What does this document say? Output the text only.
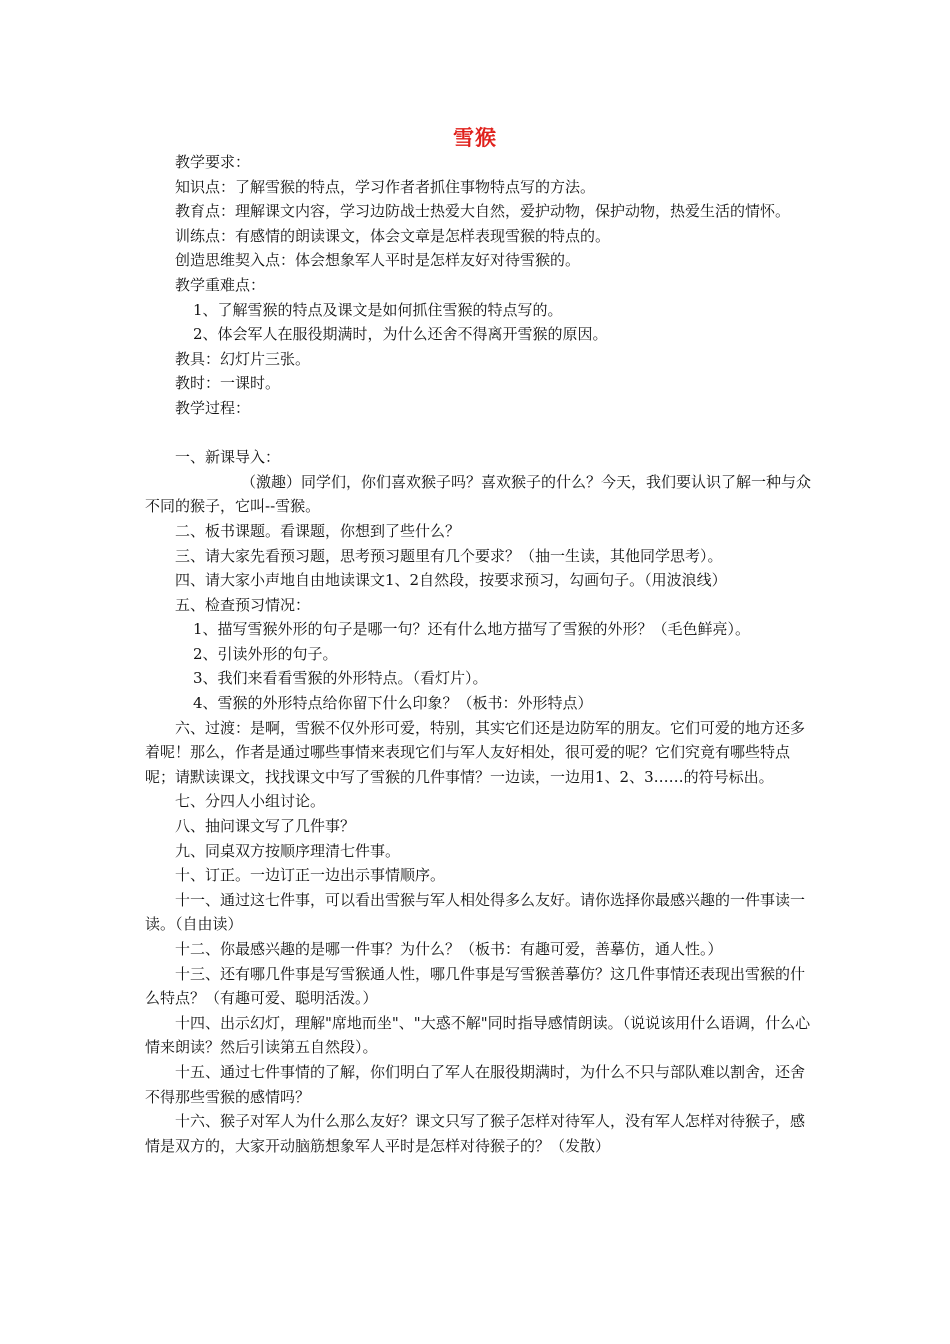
雪猴

教学要求：

知识点：了解雪猴的特点，学习作者者抓住事物特点写的方法。

教育点：理解课文内容，学习边防战士热爱大自然，爱护动物，保护动物，热爱生活的情怀。

训练点：有感情的朗读课文，体会文章是怎样表现雪猴的特点的。

创造思维契入点：体会想象军人平时是怎样友好对待雪猴的。

教学重难点：

1、了解雪猴的特点及课文是如何抓住雪猴的特点写的。

2、体会军人在服役期满时，为什么还舍不得离开雪猴的原因。

教具：幻灯片三张。

教时：一课时。

教学过程：

一、新课导入：

（激趣）同学们，你们喜欢猴子吗？喜欢猴子的什么？今天，我们要认识了解一种与众不同的猴子，它叫--雪猴。

二、板书课题。看课题，你想到了些什么？

三、请大家先看预习题，思考预习题里有几个要求？（抽一生读，其他同学思考）。

四、请大家小声地自由地读课文1、2自然段，按要求预习，勾画句子。（用波浪线）

五、检查预习情况：

1、描写雪猴外形的句子是哪一句？还有什么地方描写了雪猴的外形？（毛色鲜亮）。

2、引读外形的句子。

3、我们来看看雪猴的外形特点。（看灯片）。

4、雪猴的外形特点给你留下什么印象？（板书：外形特点）

六、过渡：是啊，雪猴不仅外形可爱，特别，其实它们还是边防军的朋友。它们可爱的地方还多着呢！那么，作者是通过哪些事情来表现它们与军人友好相处，很可爱的呢？它们究竟有哪些特点呢；请默读课文，找找课文中写了雪猴的几件事情？一边读，一边用1、2、3……的符号标出。

七、分四人小组讨论。

八、抽问课文写了几件事？

九、同桌双方按顺序理清七件事。

十、订正。一边订正一边出示事情顺序。

十一、通过这七件事，可以看出雪猴与军人相处得多么友好。请你选择你最感兴趣的一件事读一读。（自由读）

十二、你最感兴趣的是哪一件事？为什么？（板书：有趣可爱，善摹仿，通人性。）

十三、还有哪几件事是写雪猴通人性，哪几件事是写雪猴善摹仿？这几件事情还表现出雪猴的什么特点？（有趣可爱、聪明活泼。）

十四、出示幻灯，理解"席地而坐"、"大惑不解"同时指导感情朗读。（说说该用什么语调，什么心情来朗读？然后引读第五自然段）。

十五、通过七件事情的了解，你们明白了军人在服役期满时，为什么不只与部队难以割舍，还舍不得那些雪猴的感情吗？

十六、猴子对军人为什么那么友好？课文只写了猴子怎样对待军人，没有军人怎样对待猴子，感情是双方的，大家开动脑筋想象军人平时是怎样对待猴子的？（发散）
